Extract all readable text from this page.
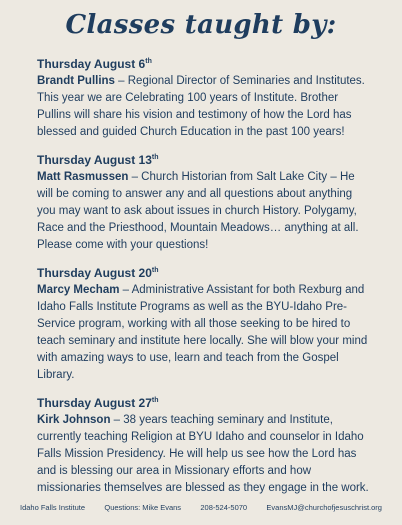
Classes taught by:
Thursday August 6th
Brandt Pullins – Regional Director of Seminaries and Institutes. This year we are Celebrating 100 years of Institute. Brother Pullins will share his vision and testimony of how the Lord has blessed and guided Church Education in the past 100 years!
Thursday August 13th
Matt Rasmussen – Church Historian from Salt Lake City – He will be coming to answer any and all questions about anything you may want to ask about issues in church History. Polygamy, Race and the Priesthood, Mountain Meadows… anything at all. Please come with your questions!
Thursday August 20th
Marcy Mecham – Administrative Assistant for both Rexburg and Idaho Falls Institute Programs as well as the BYU-Idaho Pre-Service program, working with all those seeking to be hired to teach seminary and institute here locally. She will blow your mind with amazing ways to use, learn and teach from the Gospel Library.
Thursday August 27th
Kirk Johnson – 38 years teaching seminary and Institute, currently teaching Religion at BYU Idaho and counselor in Idaho Falls Mission Presidency. He will help us see how the Lord has and is blessing our area in Missionary efforts and how missionaries themselves are blessed as they engage in the work.
Idaho Falls Institute	Questions: Mike Evans	208-524-5070	EvansMJ@churchofjesuschrist.org
